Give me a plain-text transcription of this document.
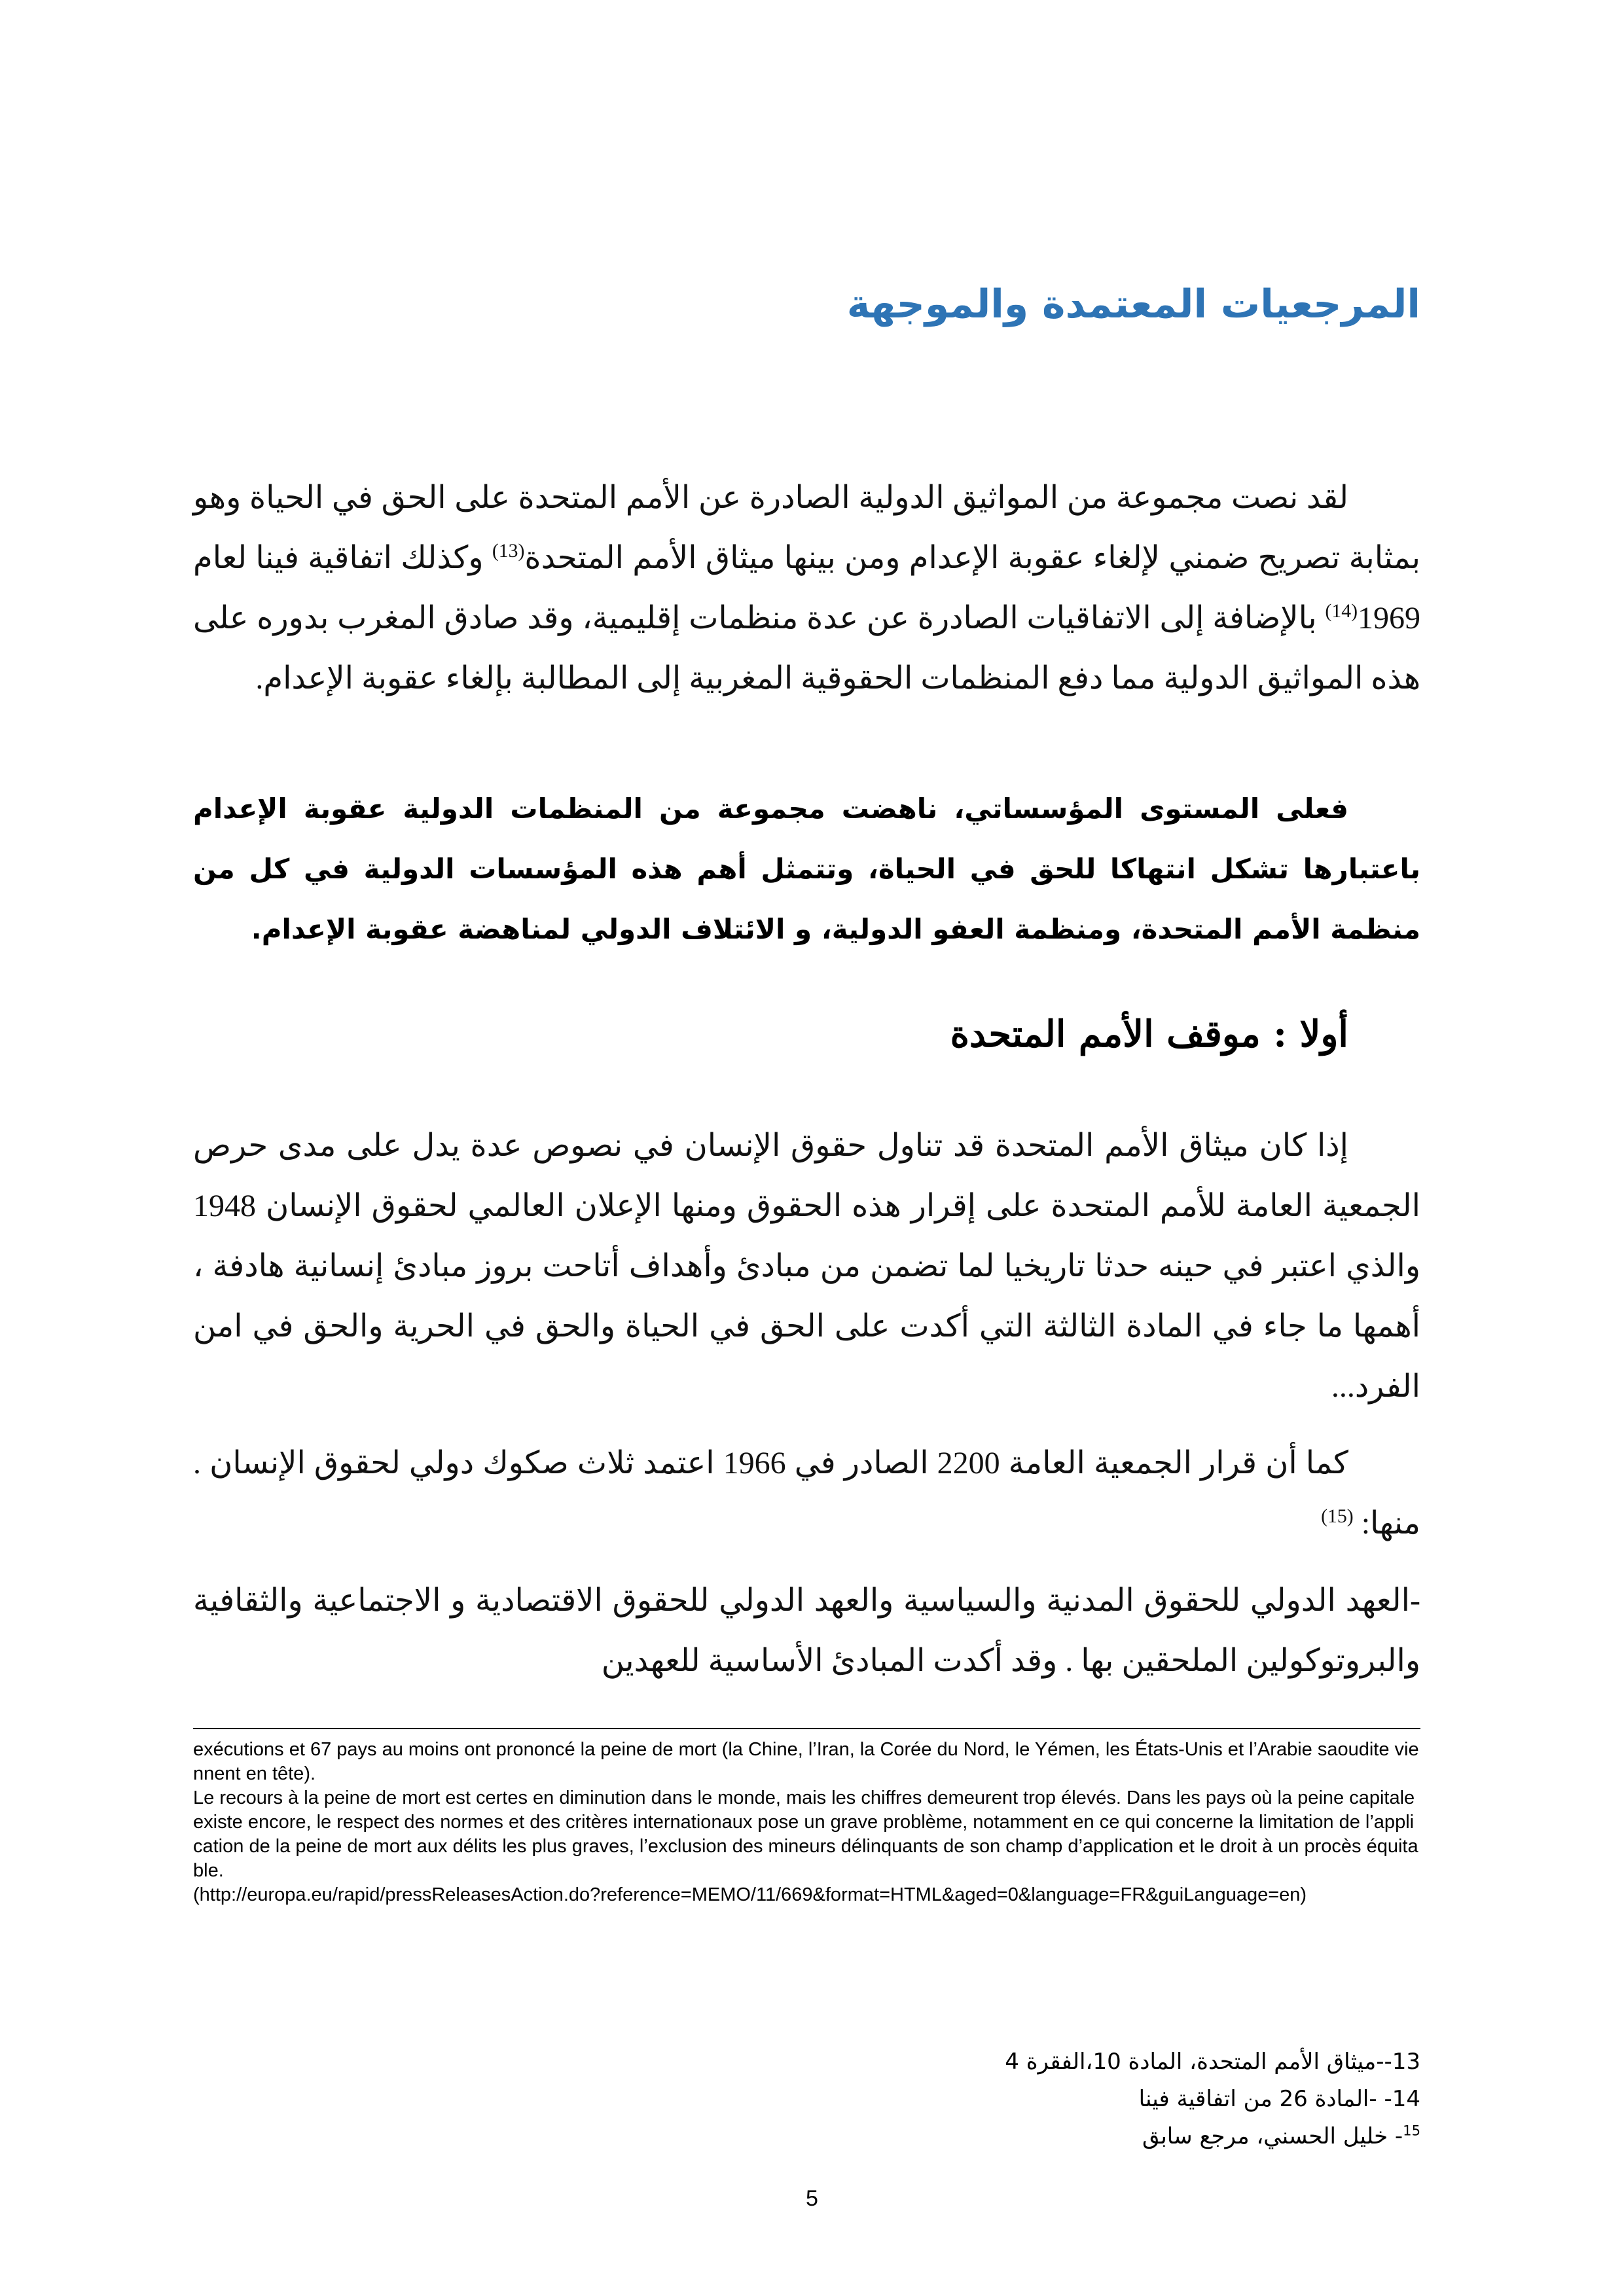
المرجعيات المعتمدة والموجهة

لقد نصت مجموعة من المواثيق الدولية الصادرة عن الأمم المتحدة على الحق في الحياة وهو بمثابة تصريح ضمني لإلغاء عقوبة الإعدام ومن بينها ميثاق الأمم المتحدة$^{(13)}$ وكذلك اتفاقية فينا لعام 1969$^{(14)}$ بالإضافة إلى الاتفاقيات الصادرة عن عدة منظمات إقليمية، وقد صادق المغرب بدوره على هذه المواثيق الدولية مما دفع المنظمات الحقوقية المغربية إلى المطالبة بإلغاء عقوبة الإعدام.

فعلى المستوى المؤسساتي، ناهضت مجموعة من المنظمات الدولية عقوبة الإعدام باعتبارها تشكل انتهاكا للحق في الحياة، وتتمثل أهم هذه المؤسسات الدولية في كل من منظمة الأمم المتحدة، ومنظمة العفو الدولية، و الائتلاف الدولي لمناهضة عقوبة الإعدام.

أولا : موقف الأمم المتحدة

إذا كان ميثاق الأمم المتحدة قد تناول حقوق الإنسان في نصوص عدة يدل على مدى حرص الجمعية العامة للأمم المتحدة على إقرار هذه الحقوق ومنها الإعلان العالمي لحقوق الإنسان 1948 والذي اعتبر في حينه حدثا تاريخيا لما تضمن من مبادئ وأهداف أتاحت بروز مبادئ إنسانية هادفة ، أهمها ما جاء في المادة الثالثة التي أكدت على الحق في الحياة والحق في الحرية والحق في امن الفرد...

كما أن قرار الجمعية العامة 2200 الصادر في 1966 اعتمد ثلاث صكوك دولي لحقوق الإنسان . منها: $^{(15)}$

-العهد الدولي للحقوق المدنية والسياسية والعهد الدولي للحقوق الاقتصادية و الاجتماعية والثقافية والبروتوكولين الملحقين بها . وقد أكدت المبادئ الأساسية للعهدين

exécutions et 67 pays au moins ont prononcé la peine de mort (la Chine, l’Iran, la Corée du Nord, le Yémen, les États-Unis et l’Arabie saoudite viennent en tête).
Le recours à la peine de mort est certes en diminution dans le monde, mais les chiffres demeurent trop élevés. Dans les pays où la peine capitale existe encore, le respect des normes et des critères internationaux pose un grave problème, notamment en ce qui concerne la limitation de l’application de la peine de mort aux délits les plus graves, l’exclusion des mineurs délinquants de son champ d’application et le droit à un procès équitable.
(http://europa.eu/rapid/pressReleasesAction.do?reference=MEMO/11/669&format=HTML&aged=0&language=FR&guiLanguage=en)
13--ميثاق الأمم المتحدة، المادة 10،الفقرة 4
14- -المادة 26 من اتفاقية فينا
$^{15}$- خليل الحسني، مرجع سابق
5
